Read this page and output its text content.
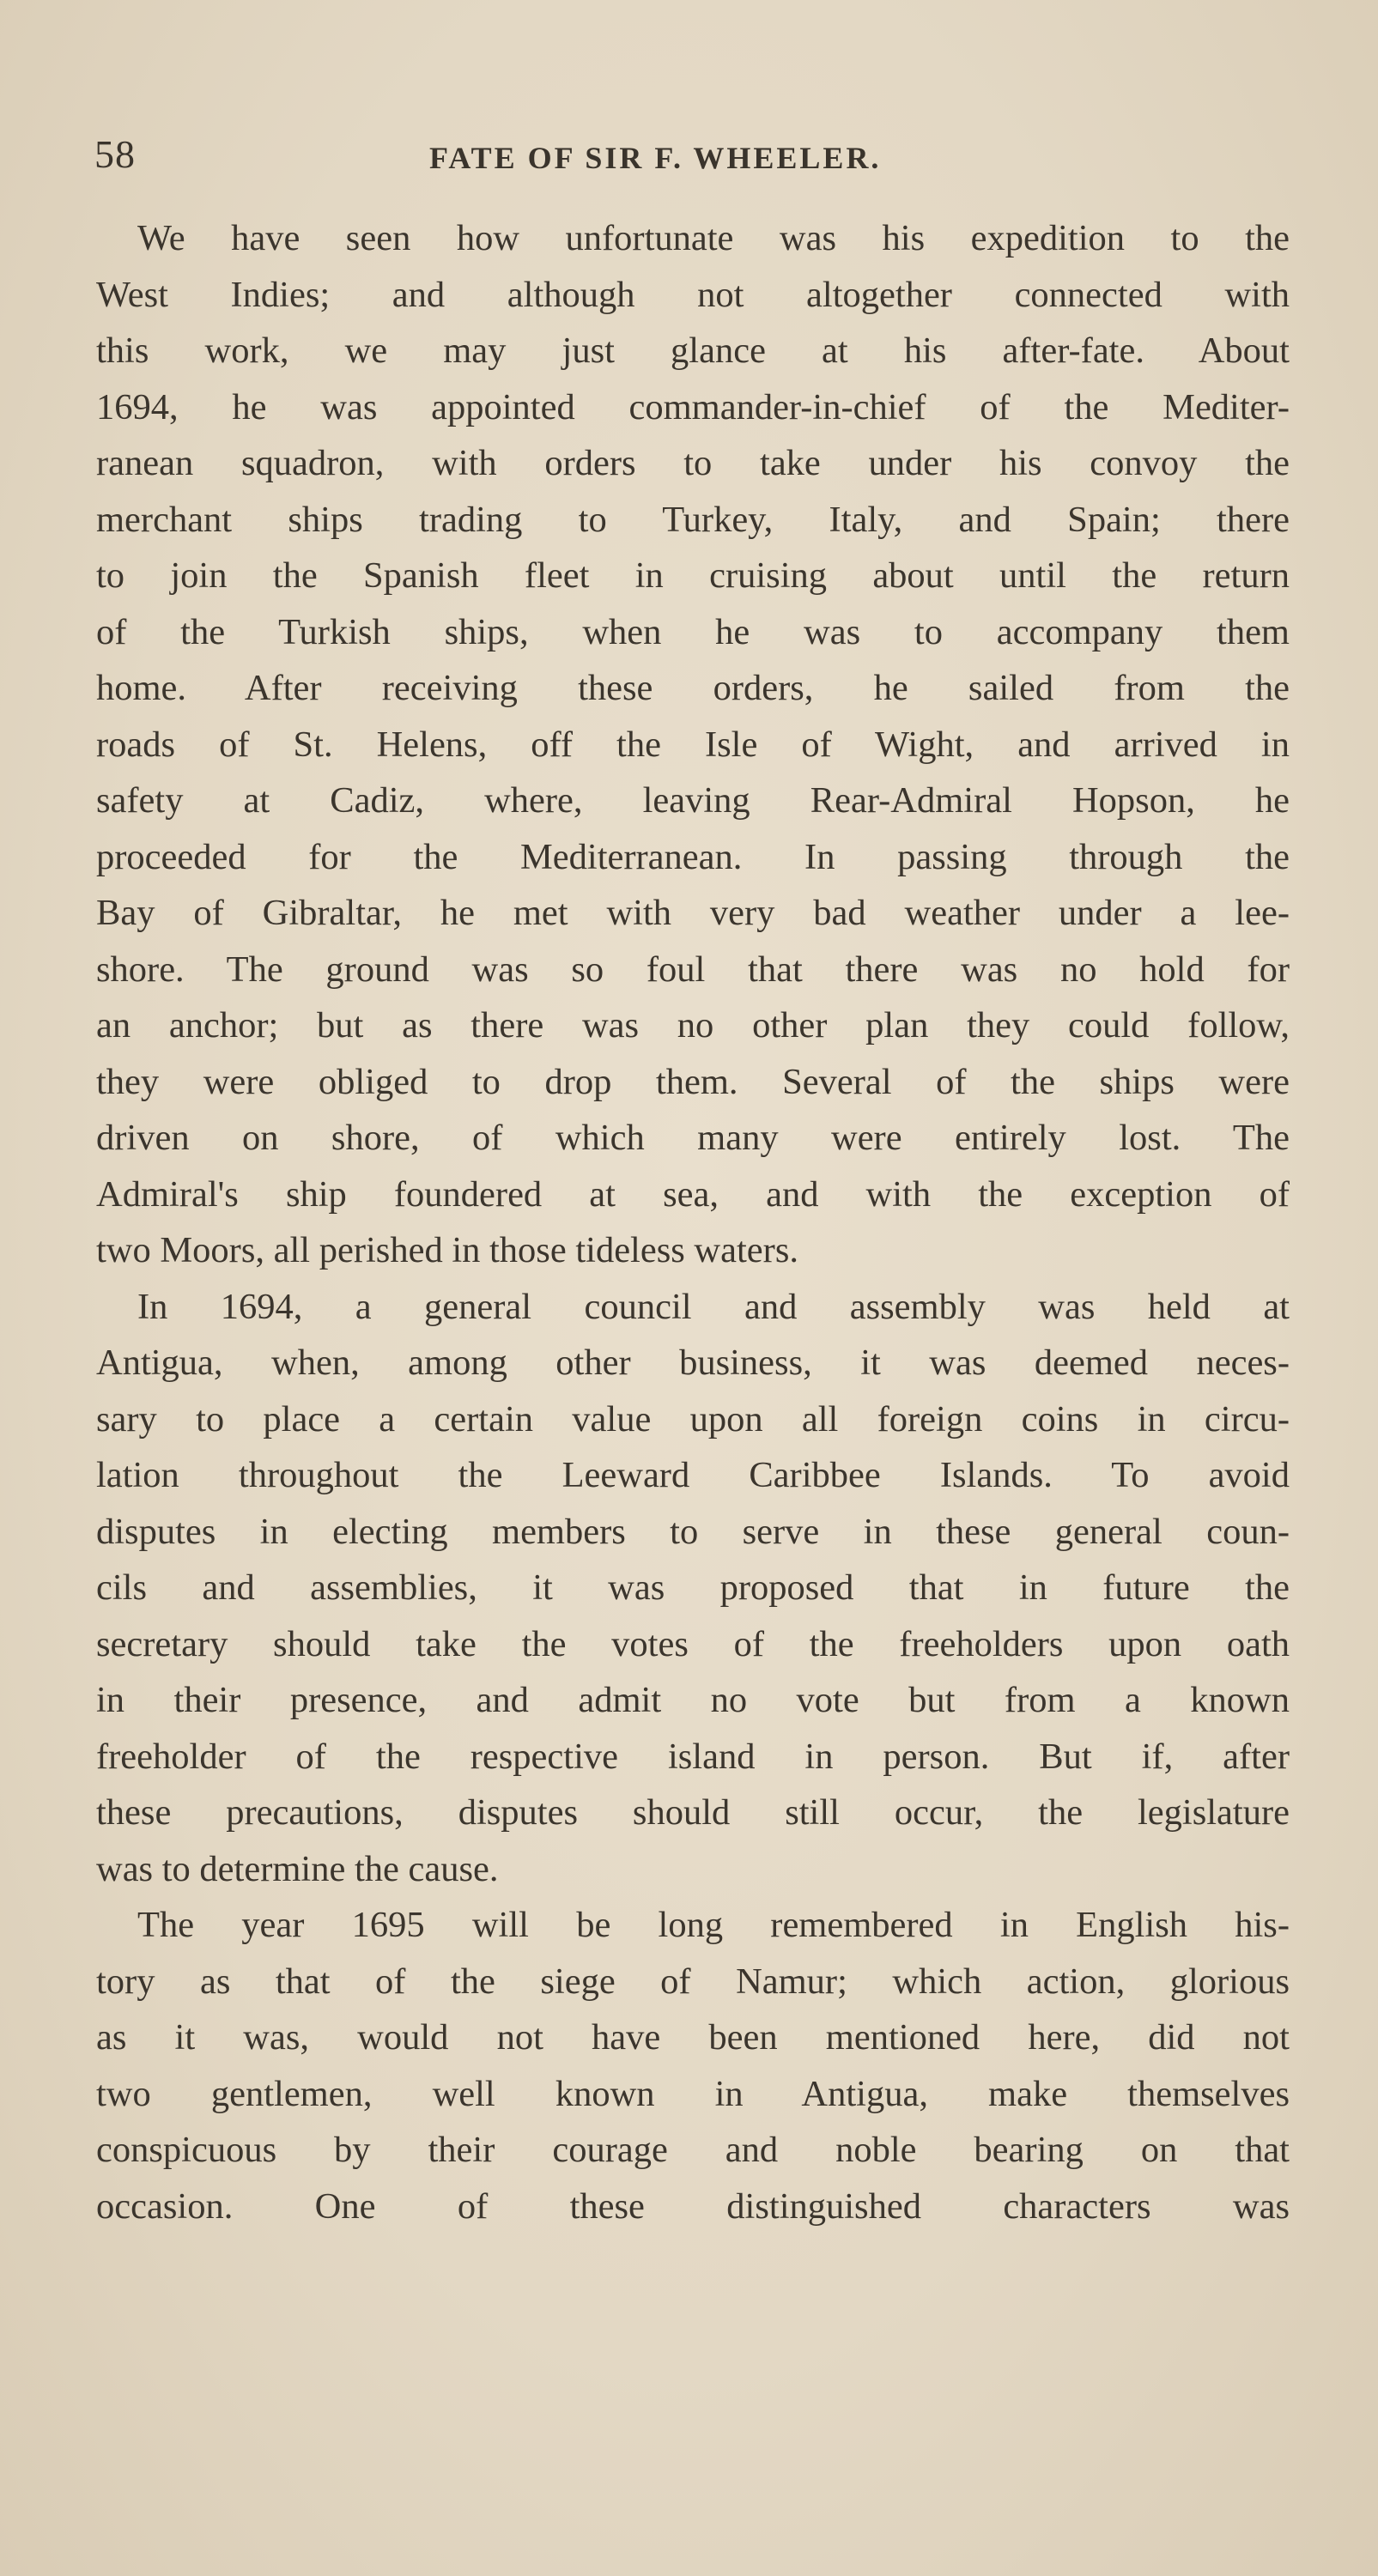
58	FATE OF SIR F. WHEELER.
We have seen how unfortunate was his expedition to the
West Indies; and although not altogether connected with
this work, we may just glance at his after-fate. About
1694, he was appointed commander-in-chief of the Mediter-
ranean squadron, with orders to take under his convoy the
merchant ships trading to Turkey, Italy, and Spain; there
to join the Spanish fleet in cruising about until the return
of the Turkish ships, when he was to accompany them
home. After receiving these orders, he sailed from the
roads of St. Helens, off the Isle of Wight, and arrived in
safety at Cadiz, where, leaving Rear-Admiral Hopson, he
proceeded for the Mediterranean. In passing through the
Bay of Gibraltar, he met with very bad weather under a lee-
shore. The ground was so foul that there was no hold for
an anchor; but as there was no other plan they could follow,
they were obliged to drop them. Several of the ships were
driven on shore, of which many were entirely lost. The
Admiral's ship foundered at sea, and with the exception of
two Moors, all perished in those tideless waters.
In 1694, a general council and assembly was held at
Antigua, when, among other business, it was deemed neces-
sary to place a certain value upon all foreign coins in circu-
lation throughout the Leeward Caribbee Islands. To avoid
disputes in electing members to serve in these general coun-
cils and assemblies, it was proposed that in future the
secretary should take the votes of the freeholders upon oath
in their presence, and admit no vote but from a known
freeholder of the respective island in person. But if, after
these precautions, disputes should still occur, the legislature
was to determine the cause.
The year 1695 will be long remembered in English his-
tory as that of the siege of Namur; which action, glorious
as it was, would not have been mentioned here, did not
two gentlemen, well known in Antigua, make themselves
conspicuous by their courage and noble bearing on that
occasion. One of these distinguished characters was
